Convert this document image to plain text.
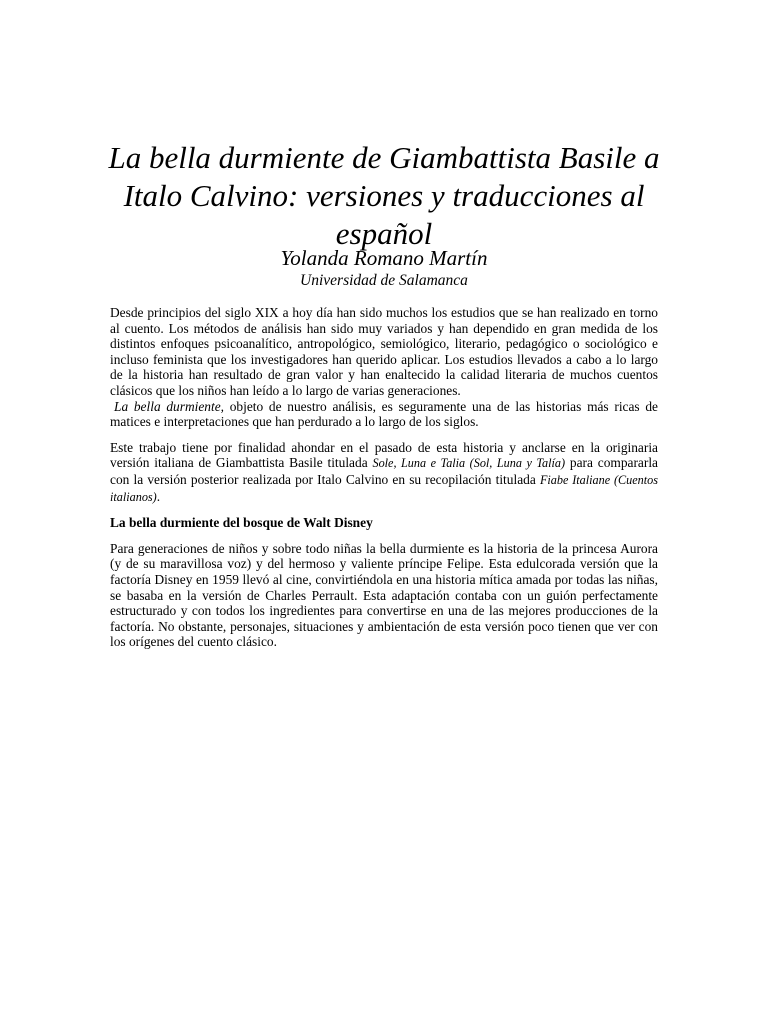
La bella durmiente de Giambattista Basile a Italo Calvino: versiones y traducciones al español
Yolanda Romano Martín
Universidad de Salamanca

Desde principios del siglo XIX a hoy día han sido muchos los estudios que se han realizado en torno al cuento. Los métodos de análisis han sido muy variados y han dependido en gran medida de los distintos enfoques psicoanalítico, antropológico, semiológico, literario, pedagógico o sociológico e incluso feminista que los investigadores han querido aplicar. Los estudios llevados a cabo a lo largo de la historia han resultado de gran valor y han enaltecido la calidad literaria de muchos cuentos clásicos que los niños han leído a lo largo de varias generaciones.

La bella durmiente, objeto de nuestro análisis, es seguramente una de las historias más ricas de matices e interpretaciones que han perdurado a lo largo de los siglos.

Este trabajo tiene por finalidad ahondar en el pasado de esta historia y anclarse en la originaria versión italiana de Giambattista Basile titulada Sole, Luna e Talia (Sol, Luna y Talía) para compararla con la versión posterior realizada por Italo Calvino en su recopilación titulada Fiabe Italiane (Cuentos italianos).

La bella durmiente del bosque de Walt Disney

Para generaciones de niños y sobre todo niñas la bella durmiente es la historia de la princesa Aurora (y de su maravillosa voz) y del hermoso y valiente príncipe Felipe. Esta edulcorada versión que la factoría Disney en 1959 llevó al cine, convirtiéndola en una historia mítica amada por todas las niñas, se basaba en la versión de Charles Perrault. Esta adaptación contaba con un guión perfectamente estructurado y con todos los ingredientes para convertirse en una de las mejores producciones de la factoría. No obstante, personajes, situaciones y ambientación de esta versión poco tienen que ver con los orígenes del cuento clásico.
